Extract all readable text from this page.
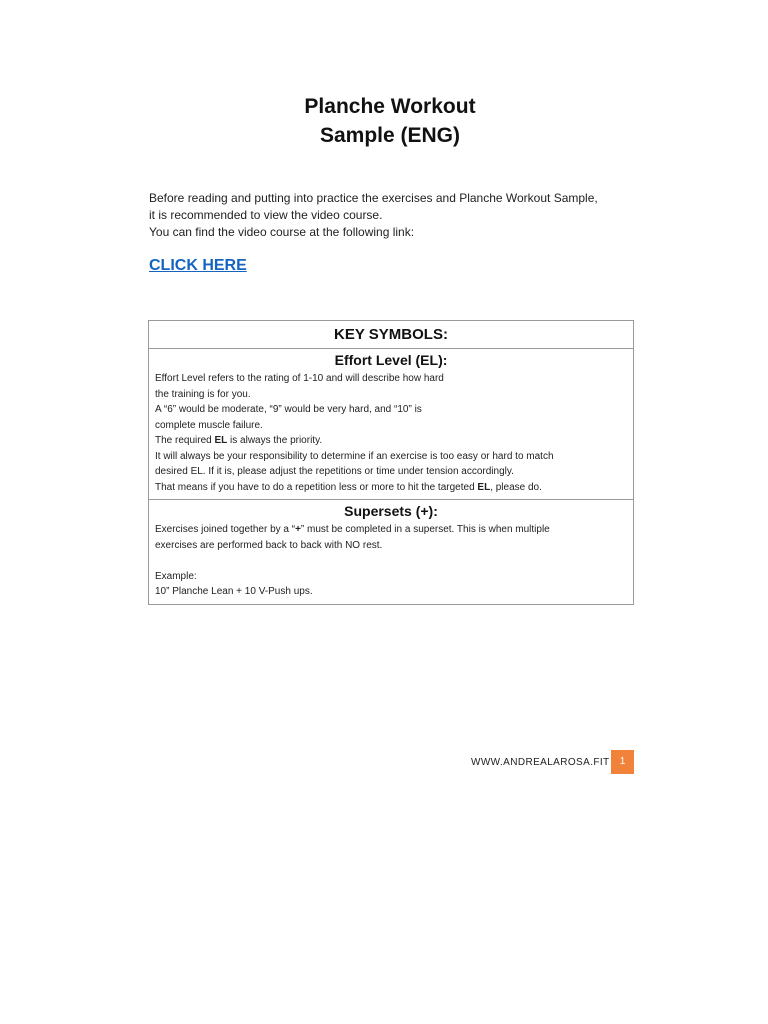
Planche Workout
Sample (ENG)
Before reading and putting into practice the exercises and Planche Workout Sample,
it is recommended to view the video course.
You can find the video course at the following link:
CLICK HERE
KEY SYMBOLS:
Effort Level (EL):
Effort Level refers to the rating of 1-10 and will describe how hard
the training is for you.
A “6” would be moderate, “9” would be very hard, and “10” is
complete muscle failure.
The required EL is always the priority.
It will always be your responsibility to determine if an exercise is too easy or hard to match
desired EL. If it is, please adjust the repetitions or time under tension accordingly.
That means if you have to do a repetition less or more to hit the targeted EL, please do.
Supersets (+):
Exercises joined together by a “+” must be completed in a superset. This is when multiple
exercises are performed back to back with NO rest.
Example:
10” Planche Lean + 10 V-Push ups.
WWW.ANDREALAROSA.FIT	1
